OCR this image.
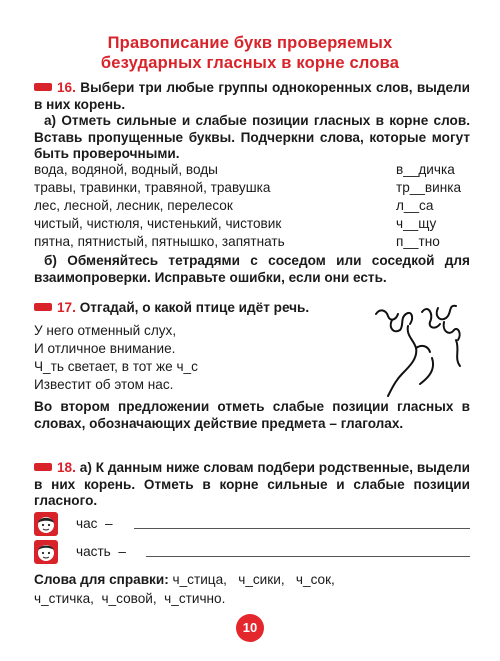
Правописание букв проверяемых
безударных гласных в корне слова
16. Выбери три любые группы однокоренных слов, выдели в них корень.
а) Отметь сильные и слабые позиции гласных в корне слов. Вставь пропущенные буквы. Подчеркни слова, которые могут быть проверочными.
вода, водяной, водный, воды	в__дичка
травы, травинки, травяной, травушка	тр__винка
лес, лесной, лесник, перелесок	л__са
чистый, чистюля, чистенький, чистовик	ч__щу
пятна, пятнистый, пятнышко, запятнать	п__тно
б) Обменяйтесь тетрадями с соседом или соседкой для взаимопроверки. Исправьте ошибки, если они есть.
17. Отгадай, о какой птице идёт речь.
У него отменный слух,
И отличное внимание.
Ч_ть светает, в тот же ч_с
Известит об этом нас.
Во втором предложении отметь слабые позиции гласных в словах, обозначающих действие предмета – глаголах.
18. а) К данным ниже словам подбери родственные, выдели в них корень. Отметь в корне сильные и слабые позиции гласного.
час –
часть –
Слова для справки: ч_стица,   ч_сики,   ч_сок,
ч_стичка,  ч_совой,  ч_стично.
10
